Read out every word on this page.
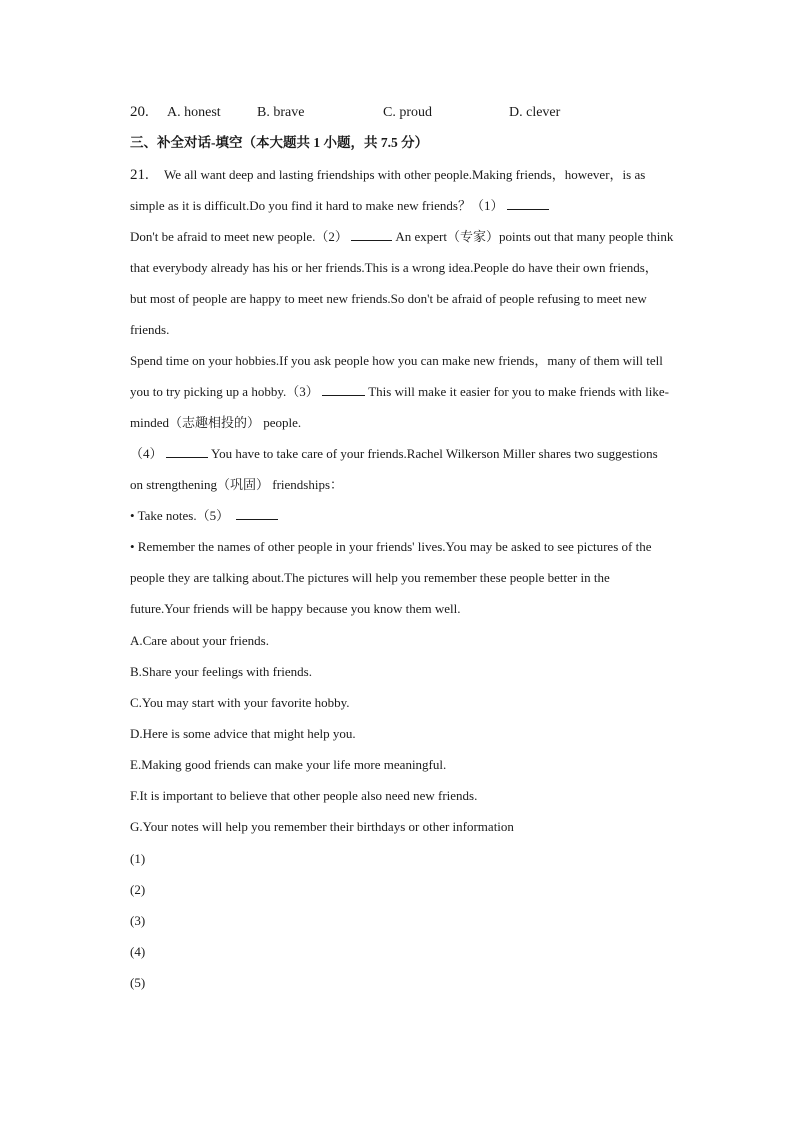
20. A. honest	B. brave	C. proud	D. clever
三、补全对话-填空（本大题共 1 小题，共 7.5 分）
21. We all want deep and lasting friendships with other people.Making friends，however，is as
simple as it is difficult.Do you find it hard to make new friends？（1）
Don't be afraid to meet new people.（2）	An expert（专家）points out that many people think
that everybody already has his or her friends.This is a wrong idea.People do have their own friends，
but most of people are happy to meet new friends.So don't be afraid of people refusing to meet new
friends.
Spend time on your hobbies.If you ask people how you can make new friends，many of them will tell
you to try picking up a hobby.（3）	This will make it easier for you to make friends with like-
minded（志趣相投的） people.
（4）	You have to take care of your friends.Rachel Wilkerson Miller shares two suggestions
on strengthening（巩固） friendships：
• Take notes.（5）
• Remember the names of other people in your friends' lives.You may be asked to see pictures of the
people they are talking about.The pictures will help you remember these people better in the
future.Your friends will be happy because you know them well.
A.Care about your friends.
B.Share your feelings with friends.
C.You may start with your favorite hobby.
D.Here is some advice that might help you.
E.Making good friends can make your life more meaningful.
F.It is important to believe that other people also need new friends.
G.Your notes will help you remember their birthdays or other information
(1)
(2)
(3)
(4)
(5)
